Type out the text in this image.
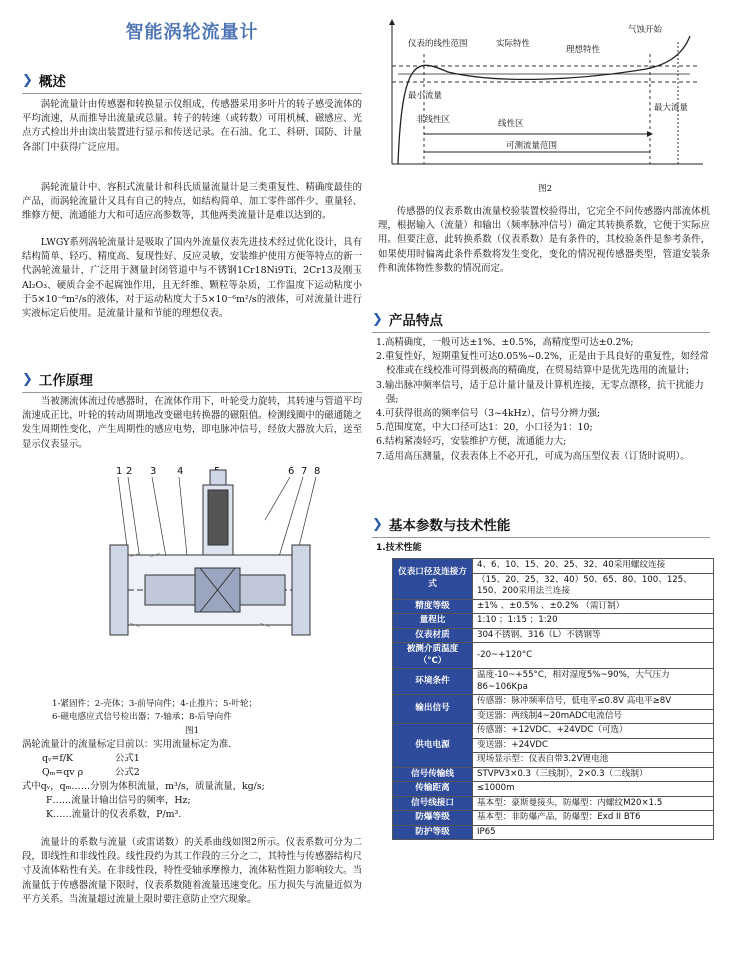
智能涡轮流量计
❯ 概述
涡轮流量计由传感器和转换显示仪组成，传感器采用多叶片的转子感受流体的平均流速，从而推导出流量或总量。转子的转速（或转数）可用机械、磁感应、光点方式检出并由读出装置进行显示和传送记录。在石油、化工、科研、国防、计量各部门中获得广泛应用。
涡轮流量计中、容积式流量计和科氏质量流量计是三类重复性、精确度最佳的产品，而涡轮流量计又具有自己的特点，如结构简单、加工零件部件少、重量轻、维修方便、流通能力大和可适应高参数等，其他两类流量计是难以达到的。
LWGY系列涡轮流量计是吸取了国内外流量仪表先进技术经过优化设计，具有结构简单、轻巧、精度高、复现性好、反应灵敏，安装维护使用方便等特点的新一代涡轮流量计，广泛用于测量封闭管道中与不锈钢1Cr18Ni9Ti、2Cr13及刚玉Al₂O₃、硬质合金不起腐蚀作用，且无纤维、颗粒等杂质，工作温度下运动粘度小于5×10⁻⁶m²/s的液体，对于运动粘度大于5×10⁻⁶m²/s的液体，可对流量计进行实液标定后使用。是流量计量和节能的理想仪表。
❯ 工作原理
当被测流体流过传感器时，在流体作用下，叶轮受力旋转，其转速与管道平均流速成正比，叶轮的转动周期地改变磁电转换器的磁阻值。检测线圈中的磁通随之发生周期性变化，产生周期性的感应电势，即电脉冲信号，经放大器放大后，送至显示仪表显示。
1 2 3 4	6 7 8
1-紧固件；2-壳体；3-前导向件；4-止推片；5-叶轮；
6-磁电感应式信号检出器；7-轴承；8-后导向件
图1
涡轮流量计的流量标定目前以：实用流量标定为准.
qᵥ=f/K	公式1
Qₘ=qv ρ	公式2
式中qᵥ，qₘ……分别为体积流量，m³/s，质量流量，kg/s;
F……流量计输出信号的频率，Hz;
K……流量计的仪表系数，P/m³.
流量计的系数与流量（或雷诺数）的关系曲线如图2所示。仪表系数可分为二段，即线性和非线性段。线性段约为其工作段的三分之二，其特性与传感器结构尺寸及流体粘性有关。在非线性段，特性受轴承摩擦力，流体粘性阻力影响较大。当流量低于传感器流量下限时，仪表系数随着流量迅速变化。压力损失与流量近似为平方关系。当流量超过流量上限时要注意防止空穴现象。
仪表的线性范围	实际特性
理想特性
气蚀开始
最小流量
最大流量
非线性区	线性区
可测流量范围
图2
传感器的仪表系数由流量校验装置校验得出，它完全不问传感器内部流体机理，根据输入（流量）和输出（频率脉冲信号）确定其转换系数，它便于实际应用。但要注意，此转换系数（仪表系数）是有条件的，其校验条件是参考条件，如果使用时偏离此条件系数将发生变化，变化的情况视传感器类型，管道安装条件和流体物性参数的情况而定。
❯ 产品特点
1.高精确度，一般可达±1%、±0.5%，高精度型可达±0.2%;
2.重复性好，短期重复性可达0.05%~0.2%，正是由于具良好的重复性，如经常校准或在线校准可得到极高的精确度，在贸易结算中是优先选用的流量计;
3.输出脉冲频率信号，适于总计量计量及计算机连接，无零点漂移，抗干扰能力强;
4.可获得很高的频率信号（3~4kHz），信号分辨力强;
5.范围度宽，中大口径可达1：20，小口径为1：10;
6.结构紧凑轻巧，安装维护方便，流通能力大;
7.适用高压测量，仪表表体上不必开孔，可成为高压型仪表（订货时说明）。
❯ 基本参数与技术性能
1.技术性能
仪表口径及连接方式	4、6、10、15、20、25、32、40采用螺纹连接
	（15、20、25、32、40）50、65、80、100、125、150、200采用法兰连接
精度等级	±1% 、±0.5% 、±0.2% （需订制）
量程比	1:10 ；1:15 ；1:20
仪表材质	304不锈钢、316（L）不锈钢等
被测介质温度（°C）	-20~+120°C
环境条件	温度-10~+55°C，相对湿度5%~90%，大气压力86~106Kpa
输出信号	传感器：脉冲频率信号，低电平≤0.8V 高电平≥8V
	变送器：两线制4~20mADC电流信号
供电电源	传感器：+12VDC、+24VDC（可选）
	变送器：+24VDC
	现场显示型：仪表自带3.2V锂电池
信号传输线	STVPV3×0.3（三线制），2×0.3（二线制）
传输距离	≤1000m
信号线接口	基本型：豪斯曼接头，防爆型：内螺纹M20×1.5
防爆等级	基本型：非防爆产品，防爆型：Exd II BT6
防护等级	IP65
